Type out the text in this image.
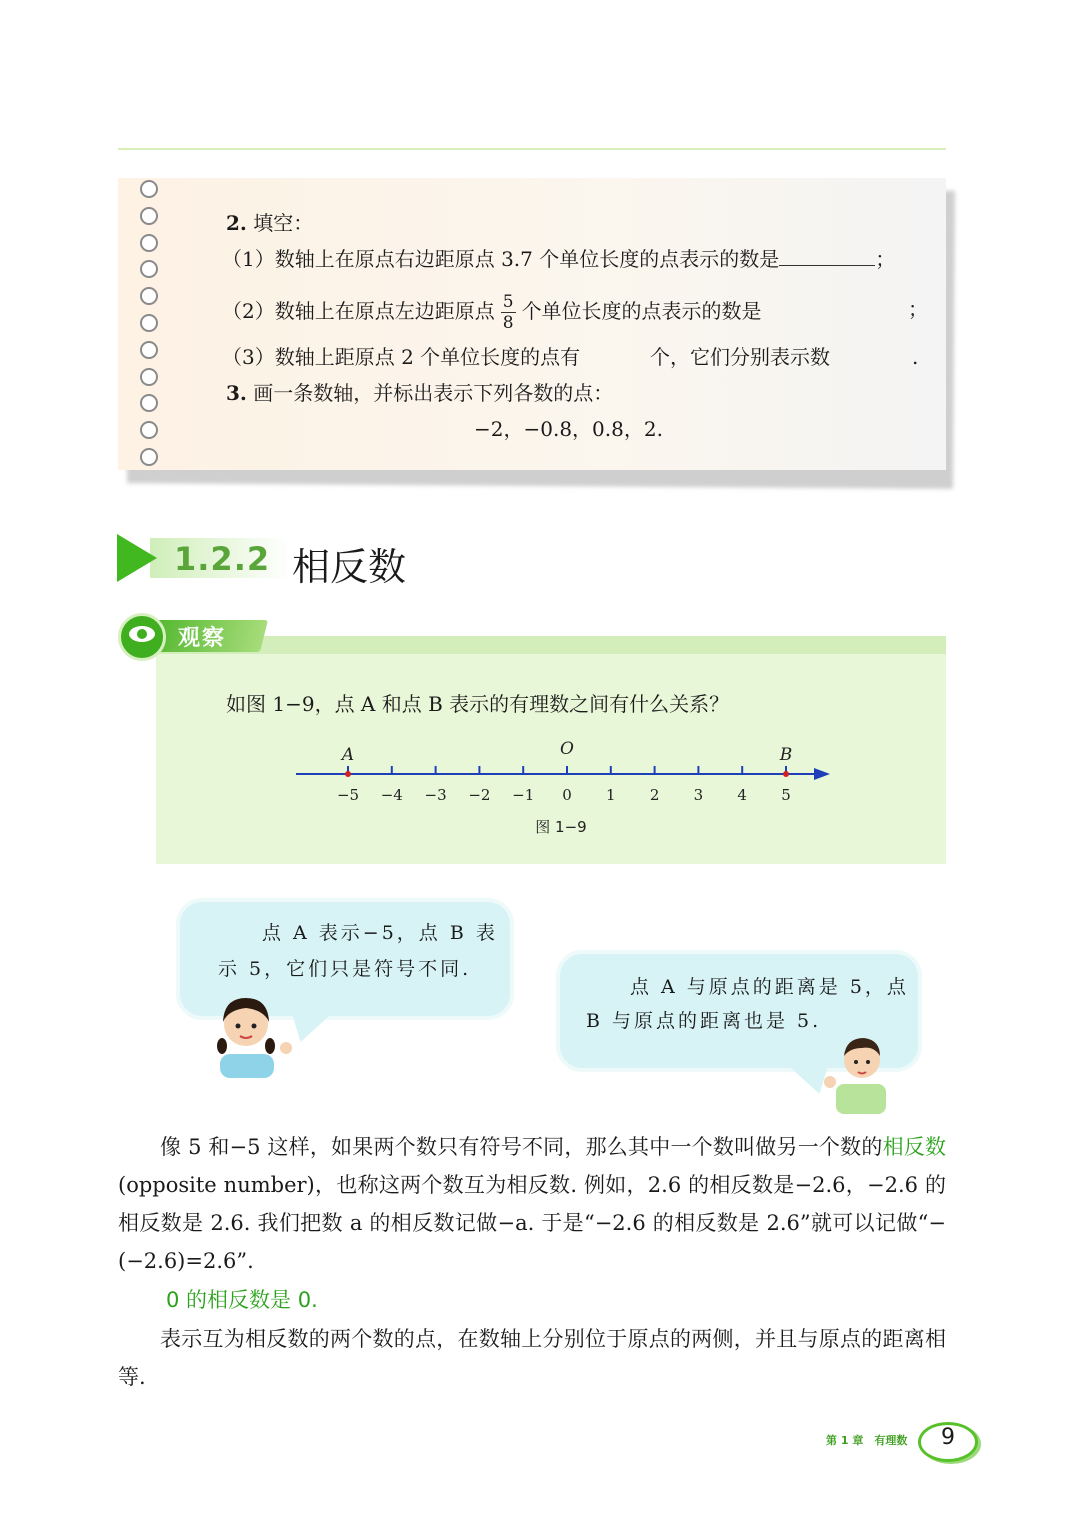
2. 填空：
（1）数轴上在原点右边距原点 3.7 个单位长度的点表示的数是	；
（2）数轴上在原点左边距原点 $\frac{5}{8}$ 个单位长度的点表示的数是	；
（3）数轴上距原点 2 个单位长度的点有	个，它们分别表示数	.
3. 画一条数轴，并标出表示下列各数的点：
−2，−0.8，0.8，2.
1.2.2 相反数
观察
如图 1−9，点 A 和点 B 表示的有理数之间有什么关系？
−5 −4 −3 −2 −1 0 1 2 3 4 5
O
A	B
图 1−9
点 A 表示−5，点 B 表
示 5，它们只是符号不同.
点 A 与原点的距离是 5，点
B 与原点的距离也是 5.
像 5 和−5 这样，如果两个数只有符号不同，那么其中一个数叫做另一个数的相反数(opposite number)，也称这两个数互为相反数. 例如，2.6 的相反数是−2.6，−2.6 的相反数是 2.6. 我们把数 a 的相反数记做−a. 于是“−2.6 的相反数是 2.6”就可以记做“−(−2.6)=2.6”.
0 的相反数是 0.
表示互为相反数的两个数的点，在数轴上分别位于原点的两侧，并且与原点的距离相等.
第 1 章　有理数	9
